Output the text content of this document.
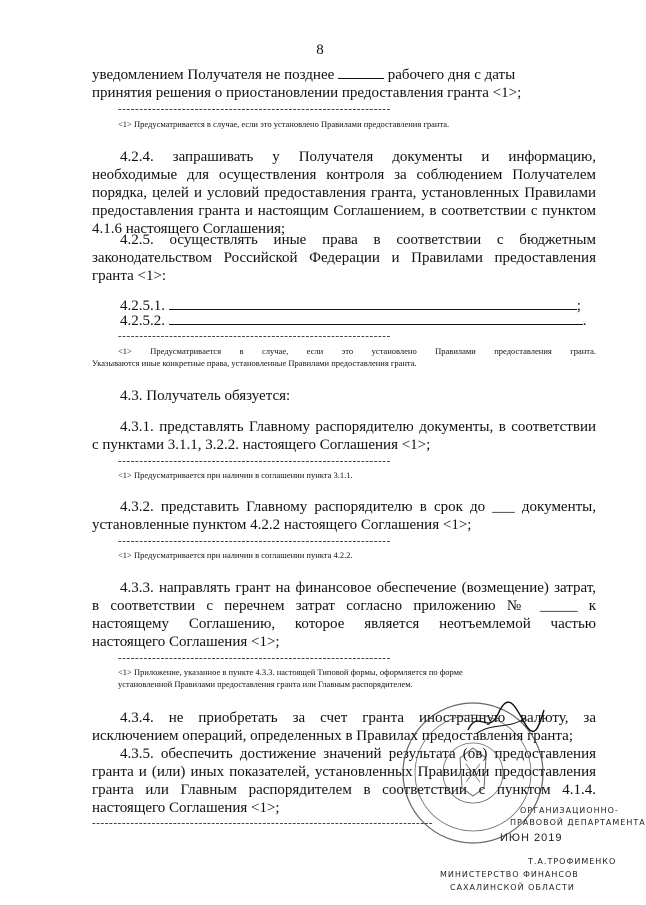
8
уведомлением Получателя не позднее	рабочего дня с даты
принятия решения о приостановлении предоставления гранта <1>;
----------------------------------------------------------------
<1> Предусматривается в случае, если это установлено Правилами предоставления гранта.
4.2.4. запрашивать у Получателя документы и информацию,
необходимые для осуществления контроля за соблюдением Получателем
порядка, целей и условий предоставления гранта, установленных Правилами
предоставления гранта и настоящим Соглашением, в соответствии с пунктом
4.1.6 настоящего Соглашения;
4.2.5. осуществлять иные права в соответствии с бюджетным
законодательством Российской Федерации и Правилами предоставления
гранта <1>:
4.2.5.1.	;
4.2.5.2.	.
----------------------------------------------------------------
<1> Предусматривается в случае, если это установлено Правилами предоставления гранта.
Указываются иные конкретные права, установленные Правилами предоставления гранта.
4.3. Получатель обязуется:
4.3.1. представлять Главному распорядителю документы, в соответствии
с пунктами 3.1.1, 3.2.2. настоящего Соглашения <1>;
----------------------------------------------------------------
<1> Предусматривается при наличии в соглашении пункта 3.1.1.
4.3.2. представить Главному распорядителю в срок до ___ документы,
установленные пунктом 4.2.2 настоящего Соглашения <1>;
----------------------------------------------------------------
<1> Предусматривается при наличии в соглашении пункта 4.2.2.
4.3.3. направлять грант на финансовое обеспечение (возмещение) затрат,
в соответствии с перечнем затрат согласно приложению № _____ к
настоящему Соглашению, которое является неотъемлемой частью
настоящего Соглашения <1>;
----------------------------------------------------------------
<1> Приложение, указанное в пункте 4.3.3. настоящей Типовой формы, оформляется по форме
установленной Правилами предоставления гранта или Главным распорядителем.
4.3.4. не приобретать за счет гранта иностранную валюту, за
исключением операций, определенных в Правилах предоставления гранта;
4.3.5. обеспечить достижение значений результата (ов) предоставления
гранта и (или) иных показателей, установленных Правилами предоставления
гранта или Главным распорядителем в соответствии с пунктом 4.1.4.
настоящего Соглашения <1>;
--------------------------------------------------------------------------------
ОРГАНИЗАЦИОННО-
ПРАВОВОЙ ДЕПАРТАМЕНТА
ИЮН 2019
Т.А.ТРОФИМЕНКО
МИНИСТЕРСТВО ФИНАНСОВ
САХАЛИНСКОЙ ОБЛАСТИ
